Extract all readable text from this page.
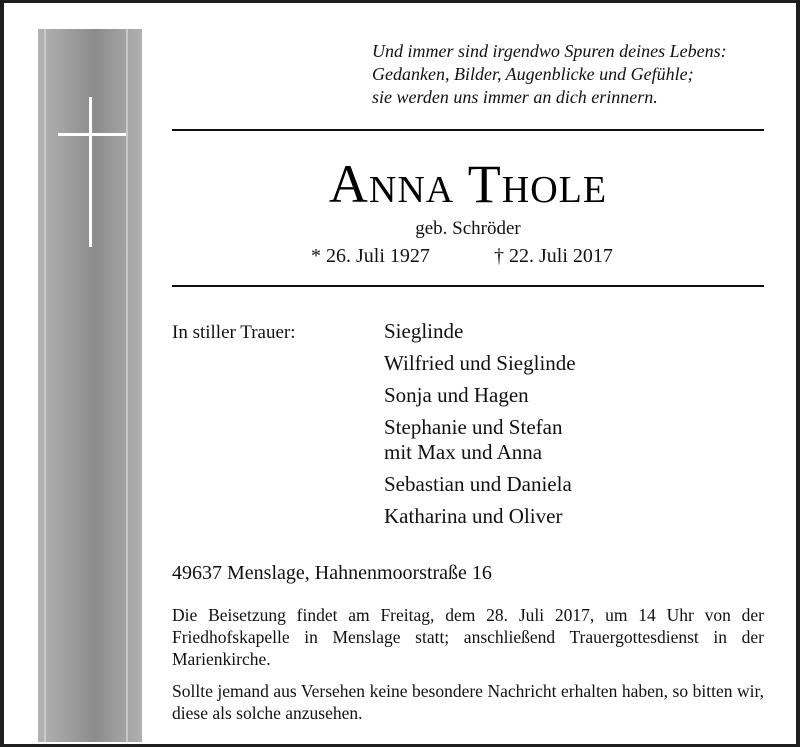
Und immer sind irgendwo Spuren deines Lebens:
Gedanken, Bilder, Augenblicke und Gefühle;
sie werden uns immer an dich erinnern.
Anna Thole
geb. Schröder
* 26. Juli 1927	† 22. Juli 2017
In stiller Trauer:	Sieglinde
Wilfried und Sieglinde
Sonja und Hagen
Stephanie und Stefan
mit Max und Anna
Sebastian und Daniela
Katharina und Oliver
49637 Menslage, Hahnenmoorstraße 16
Die Beisetzung findet am Freitag, dem 28. Juli 2017, um 14 Uhr von der Friedhofskapelle in Menslage statt; anschließend Trauergottesdienst in der Marienkirche.
Sollte jemand aus Versehen keine besondere Nachricht erhalten haben, so bitten wir, diese als solche anzusehen.
